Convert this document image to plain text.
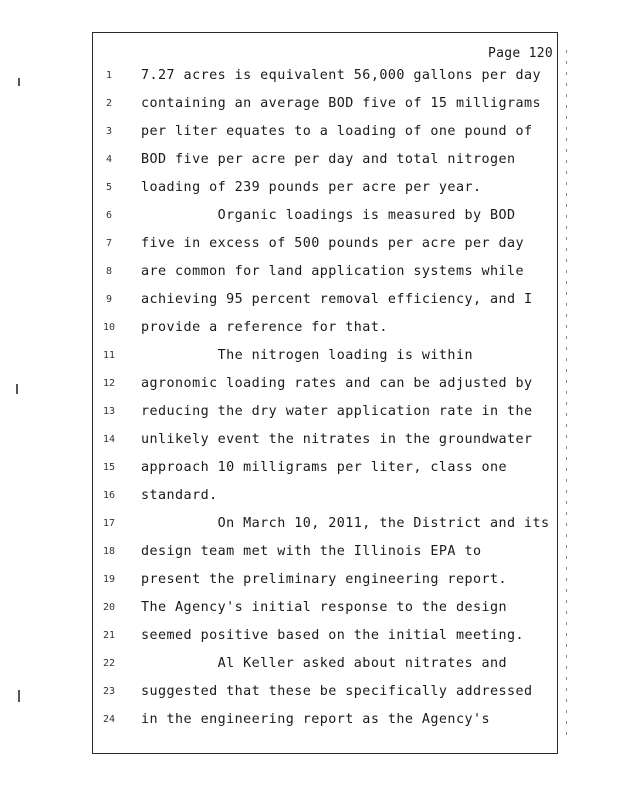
Page 120
1
2
3
4
5
6
7
8
9
10
11
12
13
14
15
16
17
18
19
20
21
22
23
24
7.27 acres is equivalent 56,000 gallons per day
containing an average BOD five of 15 milligrams
per liter equates to a loading of one pound of
BOD five per acre per day and total nitrogen
loading of 239 pounds per acre per year.
Organic loadings is measured by BOD
five in excess of 500 pounds per acre per day
are common for land application systems while
achieving 95 percent removal efficiency, and I
provide a reference for that.
The nitrogen loading is within
agronomic loading rates and can be adjusted by
reducing the dry water application rate in the
unlikely event the nitrates in the groundwater
approach 10 milligrams per liter, class one
standard.
On March 10, 2011, the District and its
design team met with the Illinois EPA to
present the preliminary engineering report.
The Agency's initial response to the design
seemed positive based on the initial meeting.
Al Keller asked about nitrates and
suggested that these be specifically addressed
in the engineering report as the Agency's
